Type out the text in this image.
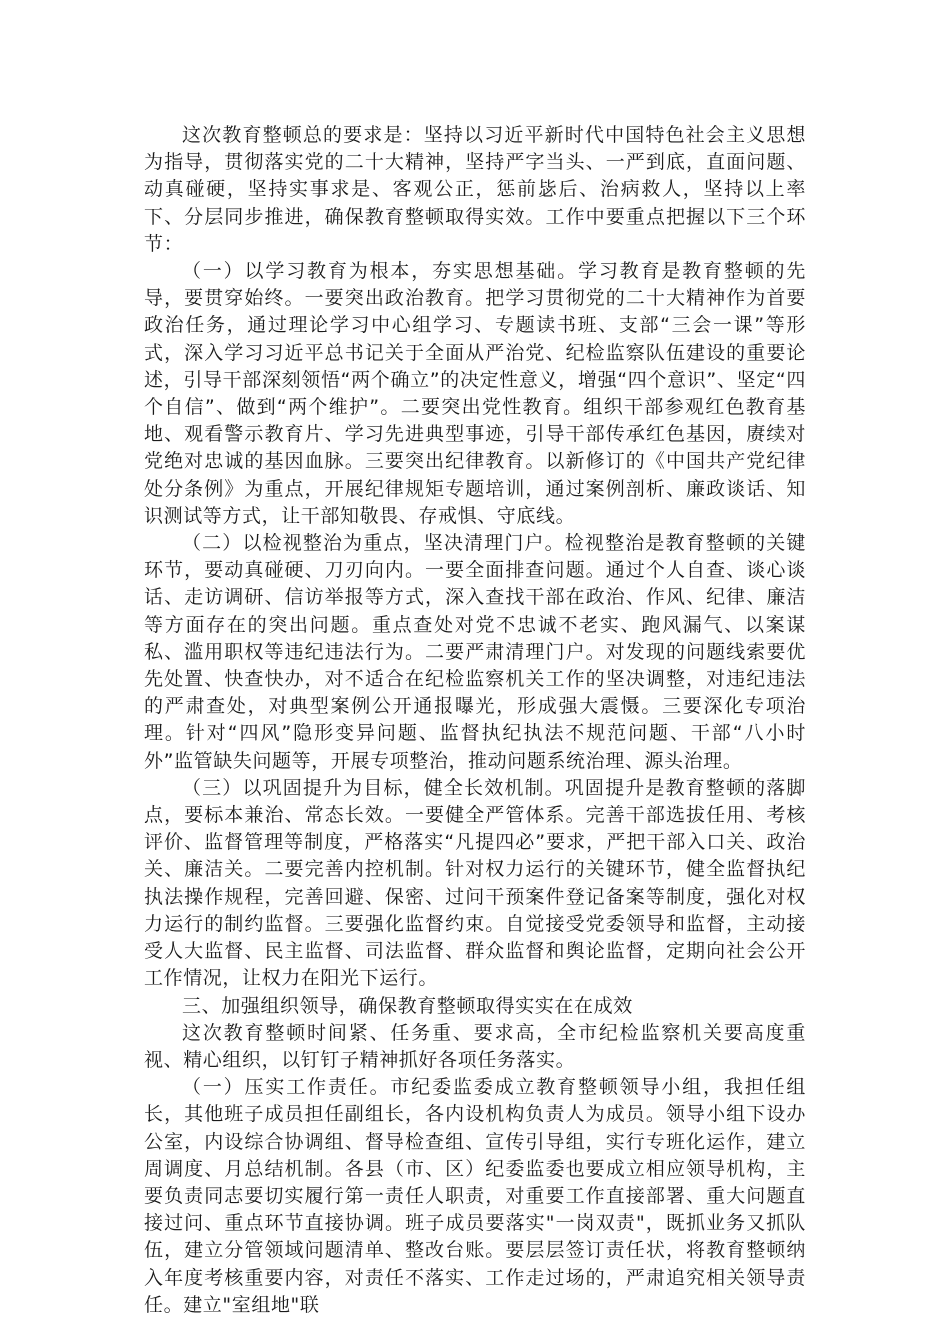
这次教育整顿总的要求是：坚持以习近平新时代中国特色社会主义思想为指导，贯彻落实党的二十大精神，坚持严字当头、一严到底，直面问题、动真碰硬，坚持实事求是、客观公正，惩前毖后、治病救人，坚持以上率下、分层同步推进，确保教育整顿取得实效。工作中要重点把握以下三个环节：

（一）以学习教育为根本，夯实思想基础。学习教育是教育整顿的先导，要贯穿始终。一要突出政治教育。把学习贯彻党的二十大精神作为首要政治任务，通过理论学习中心组学习、专题读书班、支部“三会一课”等形式，深入学习习近平总书记关于全面从严治党、纪检监察队伍建设的重要论述，引导干部深刻领悟“两个确立”的决定性意义，增强“四个意识”、坚定“四个自信”、做到“两个维护”。二要突出党性教育。组织干部参观红色教育基地、观看警示教育片、学习先进典型事迹，引导干部传承红色基因，赓续对党绝对忠诚的基因血脉。三要突出纪律教育。以新修订的《中国共产党纪律处分条例》为重点，开展纪律规矩专题培训，通过案例剖析、廉政谈话、知识测试等方式，让干部知敬畏、存戒惧、守底线。

（二）以检视整治为重点，坚决清理门户。检视整治是教育整顿的关键环节，要动真碰硬、刀刃向内。一要全面排查问题。通过个人自查、谈心谈话、走访调研、信访举报等方式，深入查找干部在政治、作风、纪律、廉洁等方面存在的突出问题。重点查处对党不忠诚不老实、跑风漏气、以案谋私、滥用职权等违纪违法行为。二要严肃清理门户。对发现的问题线索要优先处置、快查快办，对不适合在纪检监察机关工作的坚决调整，对违纪违法的严肃查处，对典型案例公开通报曝光，形成强大震慑。三要深化专项治理。针对“四风”隐形变异问题、监督执纪执法不规范问题、干部“八小时外”监管缺失问题等，开展专项整治，推动问题系统治理、源头治理。

（三）以巩固提升为目标，健全长效机制。巩固提升是教育整顿的落脚点，要标本兼治、常态长效。一要健全严管体系。完善干部选拔任用、考核评价、监督管理等制度，严格落实“凡提四必”要求，严把干部入口关、政治关、廉洁关。二要完善内控机制。针对权力运行的关键环节，健全监督执纪执法操作规程，完善回避、保密、过问干预案件登记备案等制度，强化对权力运行的制约监督。三要强化监督约束。自觉接受党委领导和监督，主动接受人大监督、民主监督、司法监督、群众监督和舆论监督，定期向社会公开工作情况，让权力在阳光下运行。

三、加强组织领导，确保教育整顿取得实实在在成效

这次教育整顿时间紧、任务重、要求高，全市纪检监察机关要高度重视、精心组织，以钉钉子精神抓好各项任务落实。

（一）压实工作责任。市纪委监委成立教育整顿领导小组，我担任组长，其他班子成员担任副组长，各内设机构负责人为成员。领导小组下设办公室，内设综合协调组、督导检查组、宣传引导组，实行专班化运作，建立周调度、月总结机制。各县（市、区）纪委监委也要成立相应领导机构，主要负责同志要切实履行第一责任人职责，对重要工作直接部署、重大问题直接过问、重点环节直接协调。班子成员要落实"一岗双责"，既抓业务又抓队伍，建立分管领域问题清单、整改台账。要层层签订责任状，将教育整顿纳入年度考核重要内容，对责任不落实、工作走过场的，严肃追究相关领导责任。建立"室组地"联
